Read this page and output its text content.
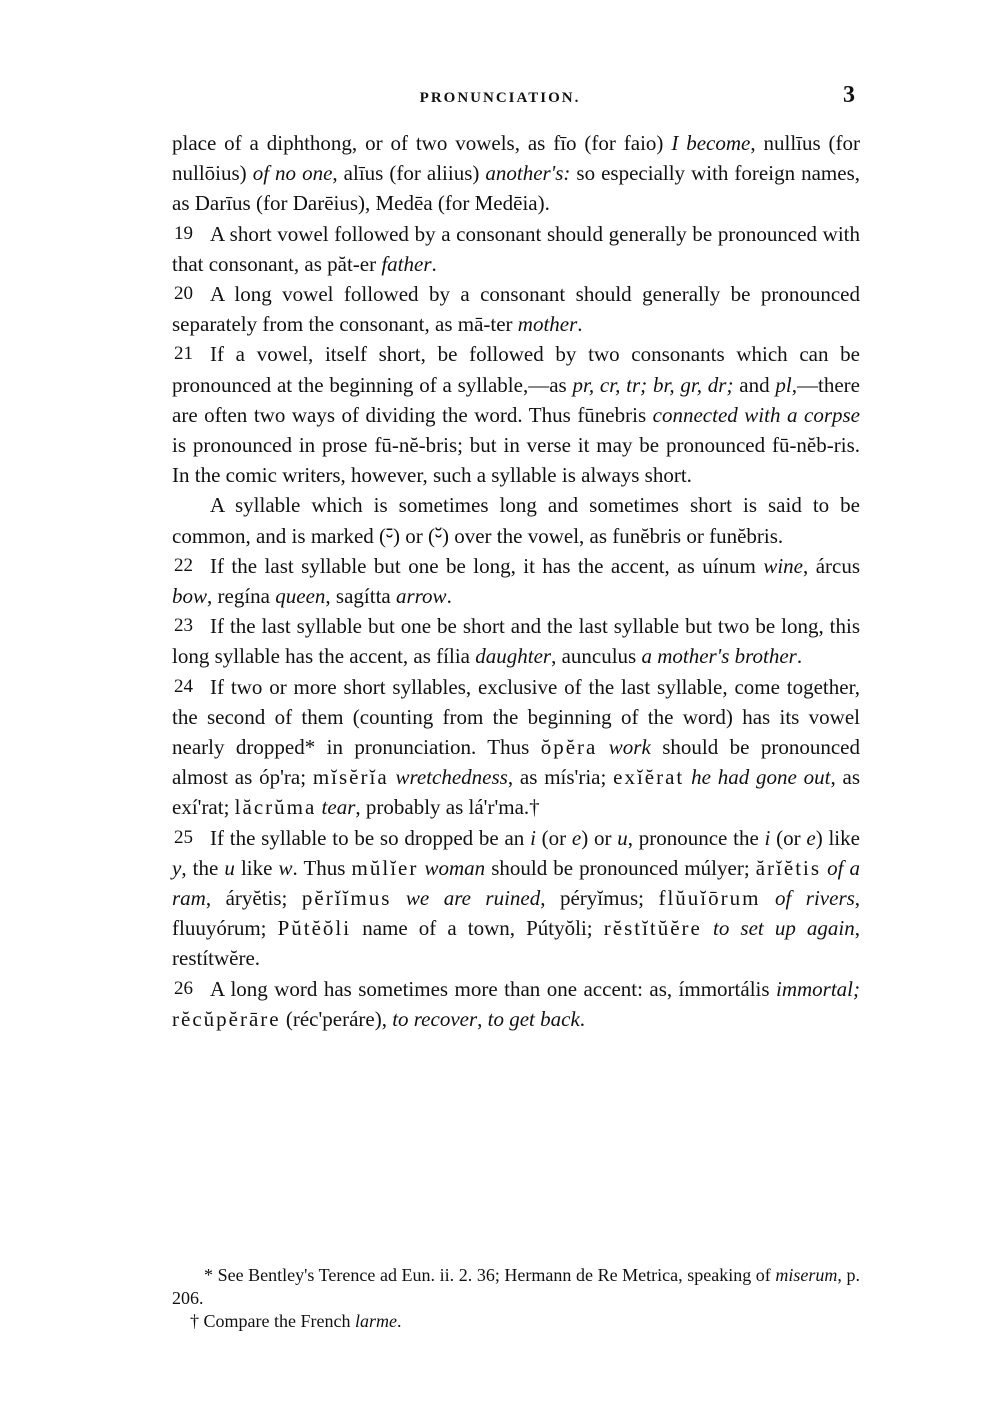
PRONUNCIATION.	3

place of a diphthong, or of two vowels, as fīo (for faio) I become, nullīus (for nullōius) of no one, alīus (for aliius) another's: so especially with foreign names, as Darīus (for Darēius), Medēa (for Medēia).

19 A short vowel followed by a consonant should generally be pronounced with that consonant, as păt-er father.

20 A long vowel followed by a consonant should generally be pronounced separately from the consonant, as mā-ter mother.

21 If a vowel, itself short, be followed by two consonants which can be pronounced at the beginning of a syllable,—as pr, cr, tr; br, gr, dr; and pl,—there are often two ways of dividing the word. Thus fūnebris connected with a corpse is pronounced in prose fū-nĕ-bris; but in verse it may be pronounced fū-nĕb-ris. In the comic writers, however, such a syllable is always short.

A syllable which is sometimes long and sometimes short is said to be common, and is marked (⏑̄) or (⏑̆) over the vowel, as funĕbris or funĕbris.

22 If the last syllable but one be long, it has the accent, as uínum wine, árcus bow, regína queen, sagítta arrow.

23 If the last syllable but one be short and the last syllable but two be long, this long syllable has the accent, as fília daughter, aunculus a mother's brother.

24 If two or more short syllables, exclusive of the last syllable, come together, the second of them (counting from the beginning of the word) has its vowel nearly dropped* in pronunciation. Thus ŏpĕra work should be pronounced almost as óp'ra; mĭsĕrĭa wretchedness, as mís'ria; exĭĕrat he had gone out, as exí'rat; lăcrŭma tear, probably as lá'r'ma.†

25 If the syllable to be so dropped be an i (or e) or u, pronounce the i (or e) like y, the u like w. Thus mŭlĭer woman should be pronounced múlyer; ărĭĕtis of a ram, áryĕtis; pĕrĭĭmus we are ruined, péryĭmus; flŭuĭōrum of rivers, fluuyórum; Pŭtĕŏli name of a town, Pútyŏli; rĕstĭtŭĕre to set up again, restítwĕre.

26 A long word has sometimes more than one accent: as, ímmortális immortal; rĕcŭpĕrāre (réc'peráre), to recover, to get back.

* See Bentley's Terence ad Eun. ii. 2. 36; Hermann de Re Metrica, speaking of miserum, p. 206.

† Compare the French larme.
